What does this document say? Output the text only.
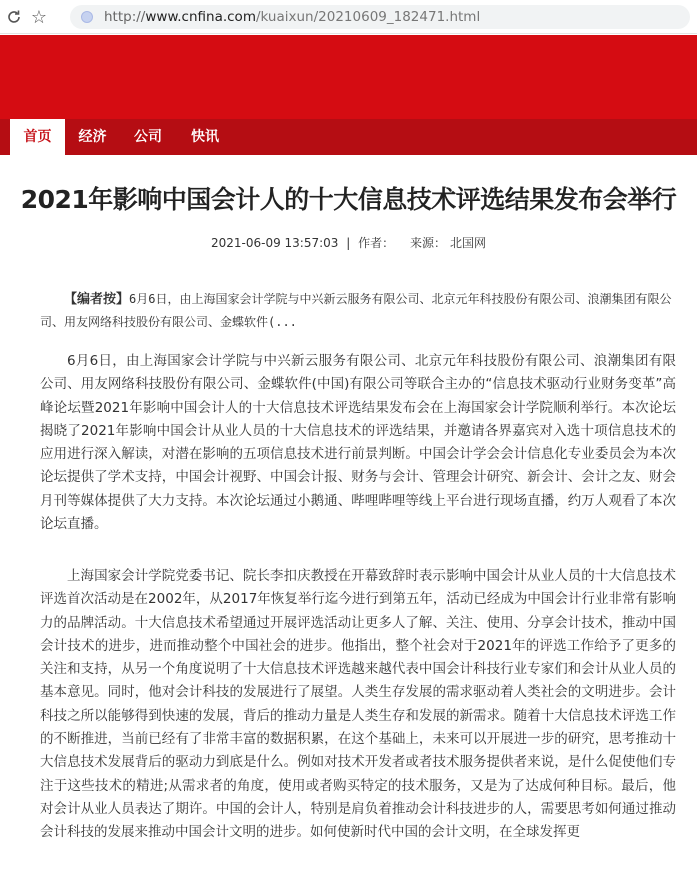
☆	http://www.cnfina.com/kuaixun/20210609_182471.html
首页	经济	公司	快讯
2021年影响中国会计人的十大信息技术评选结果发布会举行
2021-06-09 13:57:03 | 作者： 来源： 北国网
【编者按】6月6日，由上海国家会计学院与中兴新云服务有限公司、北京元年科技股份有限公司、浪潮集团有限公司、用友网络科技股份有限公司、金蝶软件(...

6月6日，由上海国家会计学院与中兴新云服务有限公司、北京元年科技股份有限公司、浪潮集团有限公司、用友网络科技股份有限公司、金蝶软件(中国)有限公司等联合主办的“信息技术驱动行业财务变革”高峰论坛暨2021年影响中国会计人的十大信息技术评选结果发布会在上海国家会计学院顺利举行。本次论坛揭晓了2021年影响中国会计从业人员的十大信息技术的评选结果，并邀请各界嘉宾对入选十项信息技术的应用进行深入解读，对潜在影响的五项信息技术进行前景判断。中国会计学会会计信息化专业委员会为本次论坛提供了学术支持，中国会计视野、中国会计报、财务与会计、管理会计研究、新会计、会计之友、财会月刊等媒体提供了大力支持。本次论坛通过小鹅通、哔哩哔哩等线上平台进行现场直播，约万人观看了本次论坛直播。

上海国家会计学院党委书记、院长李扣庆教授在开幕致辞时表示影响中国会计从业人员的十大信息技术评选首次活动是在2002年，从2017年恢复举行迄今进行到第五年，活动已经成为中国会计行业非常有影响力的品牌活动。十大信息技术希望通过开展评选活动让更多人了解、关注、使用、分享会计技术，推动中国会计技术的进步，进而推动整个中国社会的进步。他指出，整个社会对于2021年的评选工作给予了更多的关注和支持，从另一个角度说明了十大信息技术评选越来越代表中国会计科技行业专家们和会计从业人员的基本意见。同时，他对会计科技的发展进行了展望。人类生存发展的需求驱动着人类社会的文明进步。会计科技之所以能够得到快速的发展，背后的推动力量是人类生存和发展的新需求。随着十大信息技术评选工作的不断推进，当前已经有了非常丰富的数据积累，在这个基础上，未来可以开展进一步的研究，思考推动十大信息技术发展背后的驱动力到底是什么。例如对技术开发者或者技术服务提供者来说，是什么促使他们专注于这些技术的精进;从需求者的角度，使用或者购买特定的技术服务，又是为了达成何种目标。最后，他对会计从业人员表达了期许。中国的会计人，特别是肩负着推动会计科技进步的人，需要思考如何通过推动会计科技的发展来推动中国会计文明的进步。如何使新时代中国的会计文明，在全球发挥更
